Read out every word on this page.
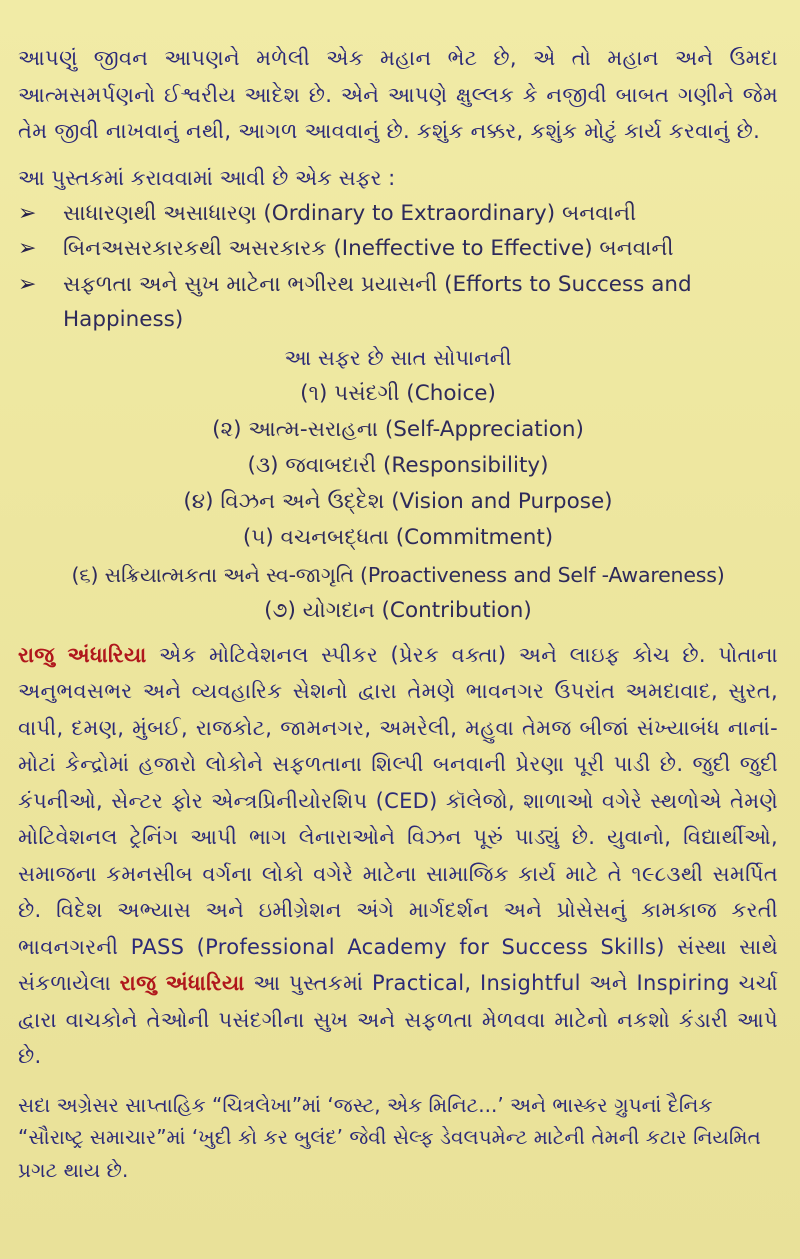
આપણું જીવન આપણને મળેલી એક મહાન ભેટ છે, એ તો મહાન અને ઉમદા આત્મસમર્પણનો ઈશ્વરીય આદેશ છે. એને આપણે ક્ષુલ્લક કે નજીવી બાબત ગણીને જેમ તેમ જીવી નાખવાનું નથી, આગળ આવવાનું છે. કશુંક નક્કર, કશુંક મોટું કાર્ય કરવાનું છે.

આ પુસ્તકમાં કરાવવામાં આવી છે એક સફર :

➢	સાધારણથી અસાધારણ (Ordinary to Extraordinary) બનવાની
➢	બિનઅસરકારકથી અસરકારક (Ineffective to Effective) બનવાની
➢	સફળતા અને સુખ માટેના ભગીરથ પ્રયાસની (Efforts to Success and Happiness)
આ સફર છે સાત સોપાનની
(૧) પસંદગી (Choice)
(૨) આત્મ-સરાહના (Self-Appreciation)
(૩) જવાબદારી (Responsibility)
(૪) વિઝન અને ઉદ્દેશ (Vision and Purpose)
(૫) વચનબદ્ધતા (Commitment)
(૬) સક્રિયાત્મકતા અને સ્વ-જાગૃતિ (Proactiveness and Self -Awareness)
(૭) યોગદાન (Contribution)

રાજુ અંધારિયા એક મોટિવેશનલ સ્પીકર (પ્રેરક વક્તા) અને લાઇફ કોચ છે. પોતાના અનુભવસભર અને વ્યવહારિક સેશનો દ્વારા તેમણે ભાવનગર ઉપરાંત અમદાવાદ, સુરત, વાપી, દમણ, મુંબઈ, રાજકોટ, જામનગર, અમરેલી, મહુવા તેમજ બીજાં સંખ્યાબંધ નાનાં-મોટાં કેન્દ્રોમાં હજારો લોકોને સફળતાના શિલ્પી બનવાની પ્રેરણા પૂરી પાડી છે. જુદી જુદી કંપનીઓ, સેન્ટર ફોર એન્ત્રપ્રિનીયોરશિપ (CED) કૉલેજો, શાળાઓ વગેરે સ્થળોએ તેમણે મોટિવેશનલ ટ્રેનિંગ આપી ભાગ લેનારાઓને વિઝન પૂરું પાડ્યું છે. યુવાનો, વિદ્યાર્થીઓ, સમાજના કમનસીબ વર્ગના લોકો વગેરે માટેના સામાજિક કાર્ય માટે તે ૧૯૮૩થી સમર્પિત છે. વિદેશ અભ્યાસ અને ઇમીગ્રેશન અંગે માર્ગદર્શન અને પ્રોસેસનું કામકાજ કરતી ભાવનગરની PASS (Professional Academy for Success Skills) સંસ્થા સાથે સંકળાયેલા રાજુ અંધારિયા આ પુસ્તકમાં Practical, Insightful અને Inspiring ચર્ચા દ્વારા વાચકોને તેઓની પસંદગીના સુખ અને સફળતા મેળવવા માટેનો નકશો કંડારી આપે છે.

સદા અગ્રેસર સાપ્તાહિક “ચિત્રલેખા”માં ‘જસ્ટ, એક મિનિટ...’ અને ભાસ્કર ગ્રુપનાં દૈનિક “સૌરાષ્ટ્ર સમાચાર”માં ‘ખુદી કો કર બુલંદ’ જેવી સેલ્ફ ડેવલપમેન્ટ માટેની તેમની કટાર નિયમિત પ્રગટ થાય છે.
